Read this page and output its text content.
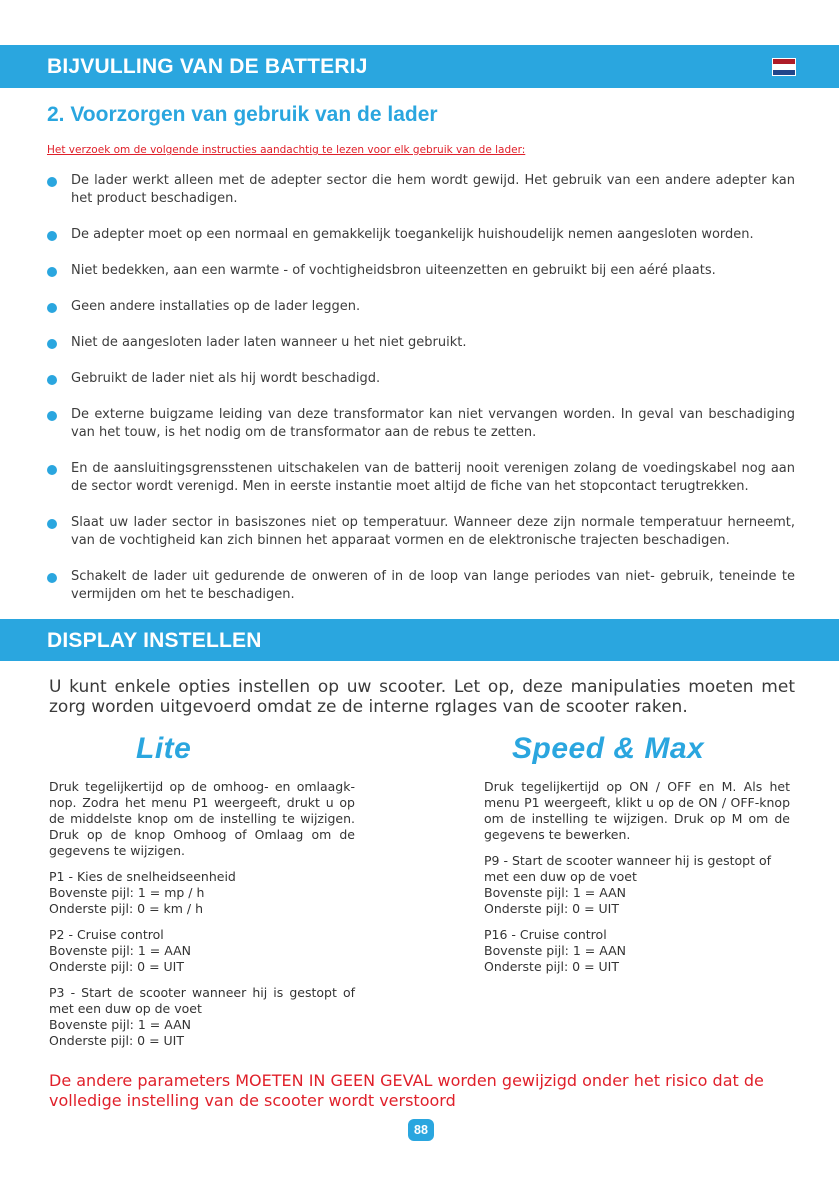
BIJVULLING VAN DE BATTERIJ
2. Voorzorgen van gebruik van de lader
Het verzoek om de volgende instructies aandachtig te lezen voor elk gebruik van de lader:
De lader werkt alleen met de adepter sector die hem wordt gewijd. Het gebruik van een andere adepter kan het product beschadigen.
De adepter moet op een normaal en gemakkelijk toegankelijk huishoudelijk nemen aangesloten worden.
Niet bedekken, aan een warmte - of vochtigheidsbron uiteenzetten en gebruikt bij een aéré plaats.
Geen andere installaties op de lader leggen.
Niet de aangesloten lader laten wanneer u het niet gebruikt.
Gebruikt de lader niet als hij wordt beschadigd.
De externe buigzame leiding van deze transformator kan niet vervangen worden. In geval van beschadiging van het touw, is het nodig om de transformator aan de rebus te zetten.
En de aansluitingsgrensstenen uitschakelen van de batterij nooit verenigen zolang de voedingskabel nog aan de sector wordt verenigd. Men in eerste instantie moet altijd de fiche van het stopcontact terugtrekken.
Slaat uw lader sector in basiszones niet op temperatuur. Wanneer deze zijn normale temperatuur herneemt, van de vochtigheid kan zich binnen het apparaat vormen en de elektronische trajecten beschadigen.
Schakelt de lader uit gedurende de onweren of in de loop van lange periodes van niet- gebruik, teneinde te vermijden om het te beschadigen.
DISPLAY INSTELLEN
U kunt enkele opties instellen op uw scooter. Let op, deze manipulaties moeten met zorg worden uitgevoerd omdat ze de interne rglages van de scooter raken.
Lite	Speed & Max

Druk tegelijkertijd op de omhoog- en omlaagk-nop. Zodra het menu P1 weergeeft, drukt u op de middelste knop om de instelling te wijzigen. Druk op de knop Omhoog of Omlaag om de gegevens te wijzigen.

P1 - Kies de snelheidseenheid
Bovenste pijl: 1 = mp / h
Onderste pijl: 0 = km / h

P2 - Cruise control
Bovenste pijl: 1 = AAN
Onderste pijl: 0 = UIT

P3 - Start de scooter wanneer hij is gestopt of met een duw op de voet
Bovenste pijl: 1 = AAN
Onderste pijl: 0 = UIT

Druk tegelijkertijd op ON / OFF en M. Als het menu P1 weergeeft, klikt u op de ON / OFF-knop om de instelling te wijzigen. Druk op M om de gegevens te bewerken.

P9 - Start de scooter wanneer hij is gestopt of met een duw op de voet
Bovenste pijl: 1 = AAN
Onderste pijl: 0 = UIT

P16 - Cruise control
Bovenste pijl: 1 = AAN
Onderste pijl: 0 = UIT

De andere parameters MOETEN IN GEEN GEVAL worden gewijzigd onder het risico dat de volledige instelling van de scooter wordt verstoord
88
